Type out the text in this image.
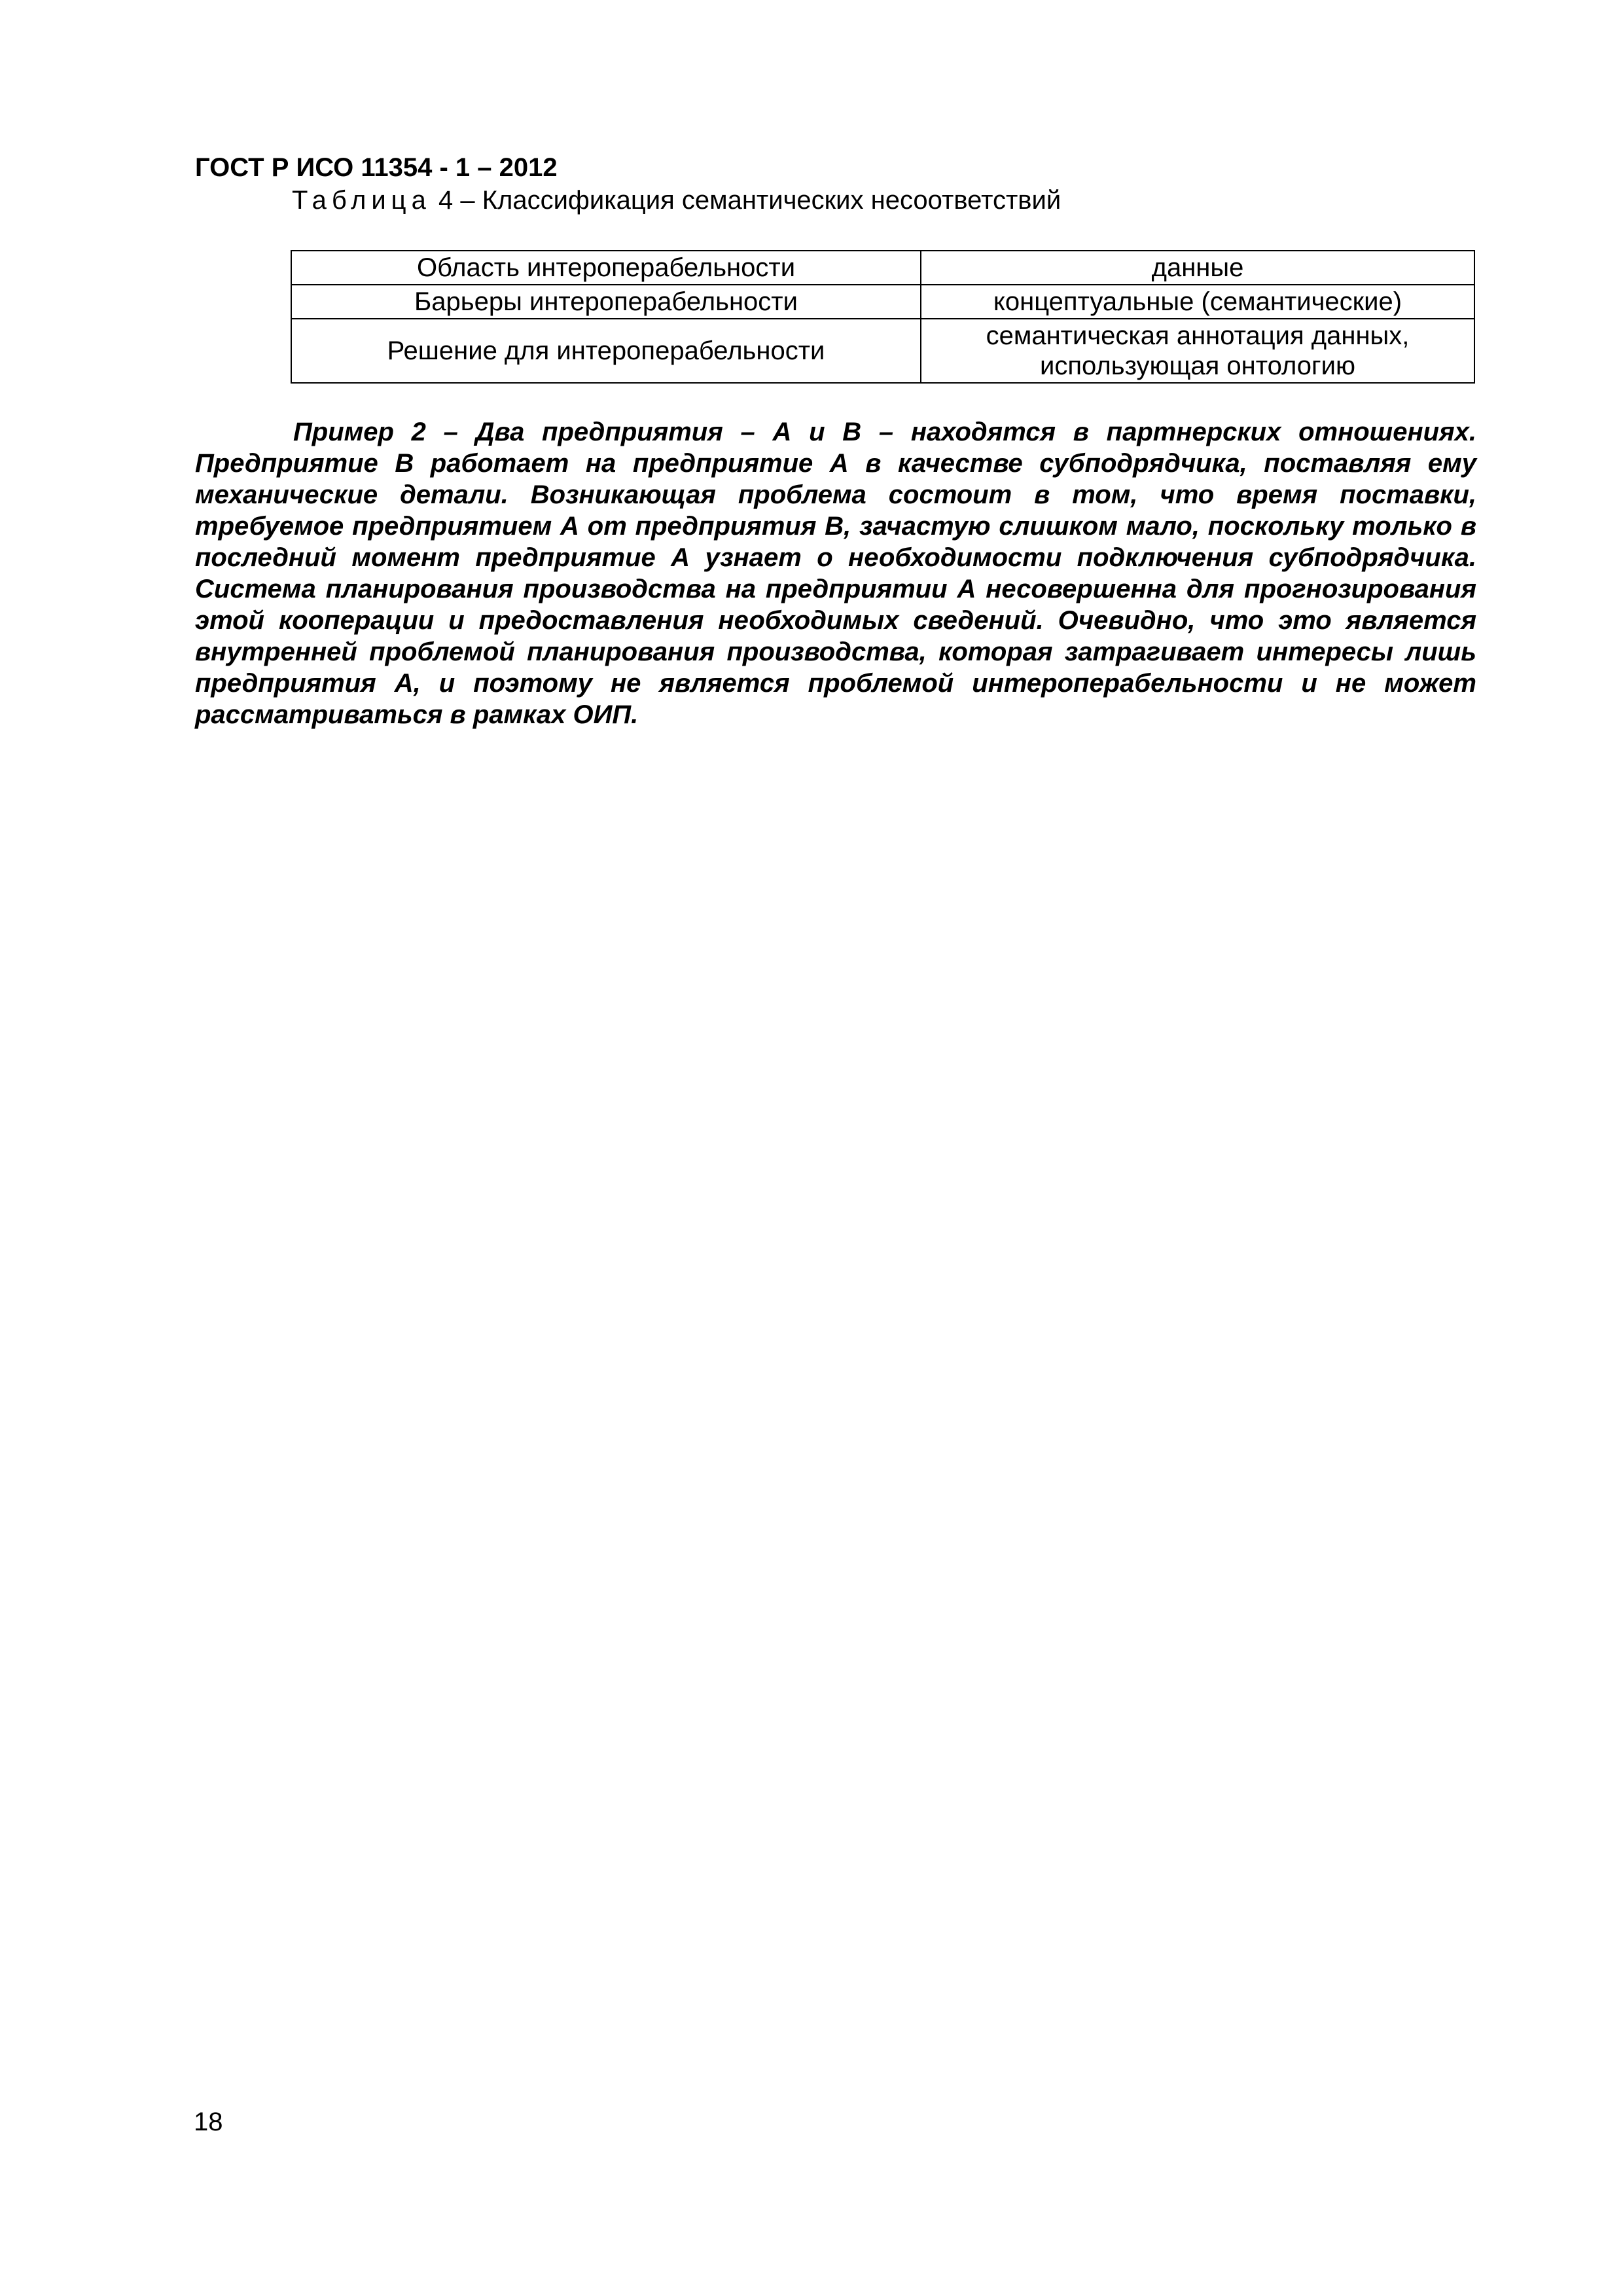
ГОСТ Р ИСО 11354 - 1 – 2012
Таблица 4 – Классификация семантических несоответствий
Область интероперабельности	данные
Барьеры интероперабельности	концептуальные (семантические)
Решение для интероперабельности	семантическая аннотация данных,
использующая онтологию

Пример 2 – Два предприятия – А и В – находятся в партнерских отношениях. Предприятие В работает на предприятие А в качестве субподрядчика, поставляя ему механические детали. Возникающая проблема состоит в том, что время поставки, требуемое предприятием А от предприятия В, зачастую слишком мало, поскольку только в последний момент предприятие А узнает о необходимости подключения субподрядчика. Система планирования производства на предприятии А несовершенна для прогнозирования этой кооперации и предоставления необходимых сведений. Очевидно, что это является внутренней проблемой планирования производства, которая затрагивает интересы лишь предприятия А, и поэтому не является проблемой интероперабельности и не может рассматриваться в рамках ОИП.

18
